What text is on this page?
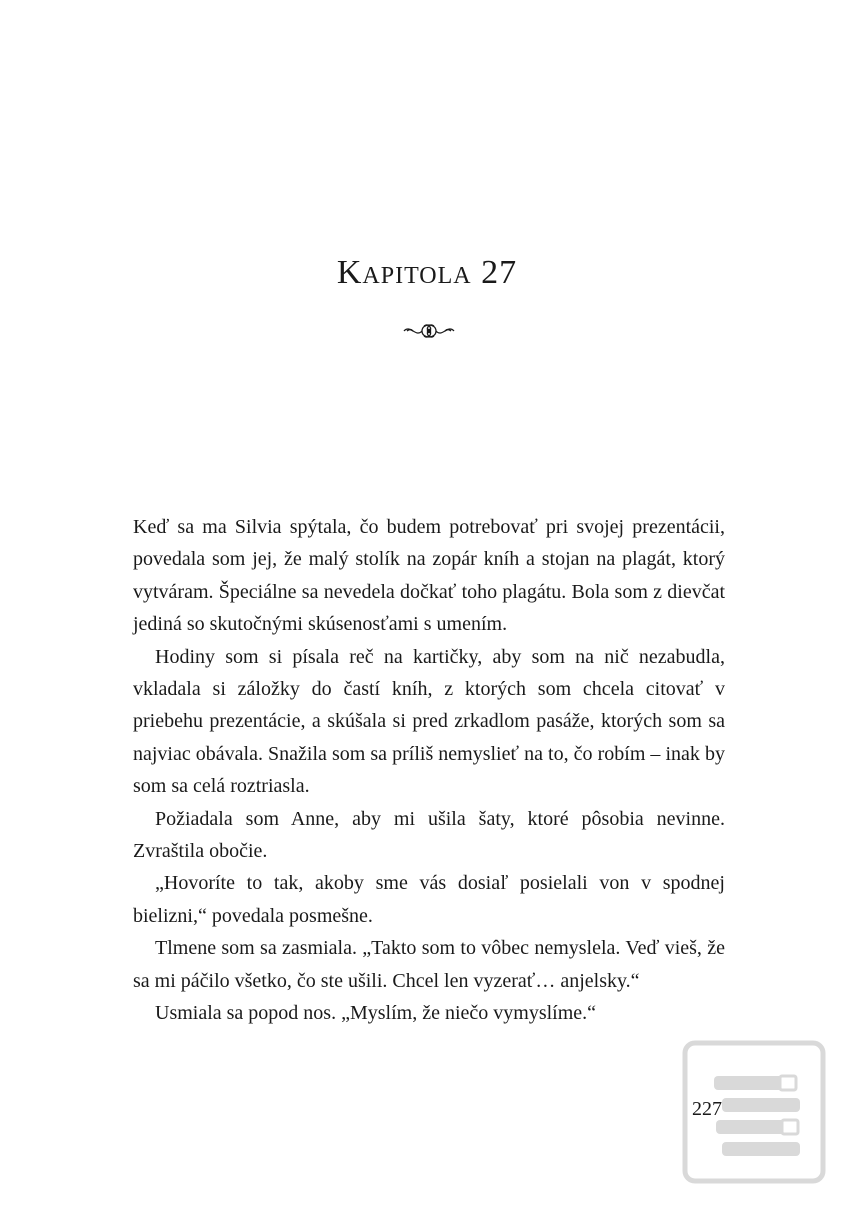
Kapitola 27

Keď sa ma Silvia spýtala, čo budem potrebovať pri svojej prezentácii, povedala som jej, že malý stolík na zopár kníh a stojan na plagát, ktorý vytváram. Špeciálne sa nevedela dočkať toho plagátu. Bola som z dievčat jediná so skutočnými skúsenosťami s umením.

Hodiny som si písala reč na kartičky, aby som na nič nezabudla, vkladala si záložky do častí kníh, z ktorých som chcela citovať v priebehu prezentácie, a skúšala si pred zrkadlom pasáže, ktorých som sa najviac obávala. Snažila som sa príliš nemyslieť na to, čo robím – inak by som sa celá roztriasla.

Požiadala som Anne, aby mi ušila šaty, ktoré pôsobia nevinne. Zvraštila obočie.

„Hovoríte to tak, akoby sme vás dosiaľ posielali von v spodnej bielizni,“ povedala posmešne.

Tlmene som sa zasmiala. „Takto som to vôbec nemyslela. Veď vieš, že sa mi páčilo všetko, čo ste ušili. Chcel len vyzerať… anjelsky.“

Usmiala sa popod nos. „Myslím, že niečo vymyslíme.“

227
